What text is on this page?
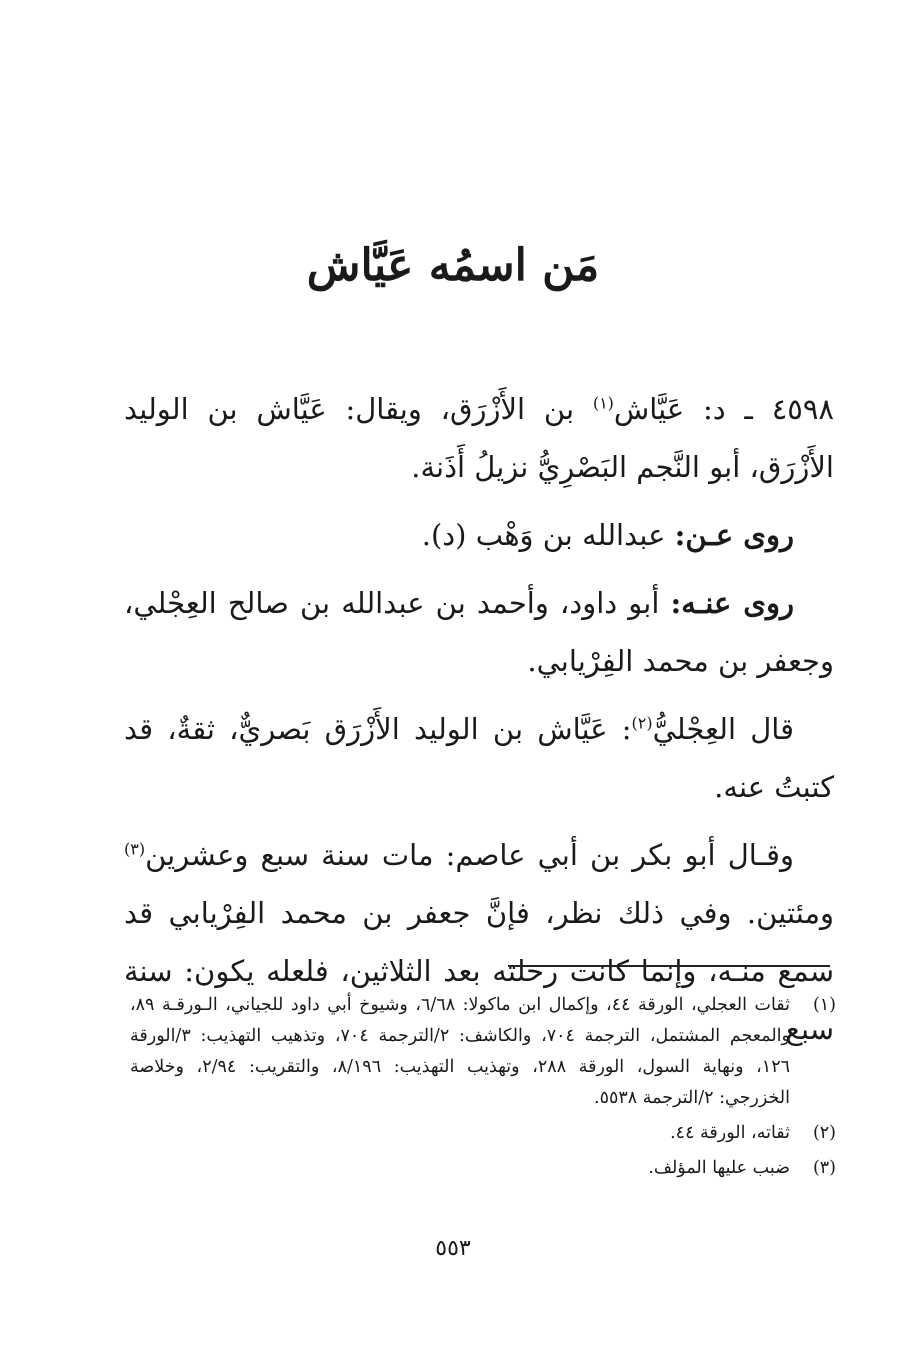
مَن اسمُه عَيَّاش

٤٥٩٨ ـ د: عَيَّاش$^{(١)}$ بن الأَزْرَق، ويقال: عَيَّاش بن الوليد الأَزْرَق، أبو النَّجم البَصْرِيُّ نزيلُ أَذَنة.

روى عـن: عبدالله بن وَهْب (د).

روى عنـه: أبو داود، وأحمد بن عبدالله بن صالح العِجْلي، وجعفر بن محمد الفِرْيابي.

قال العِجْليُّ$^{(٢)}$: عَيَّاش بن الوليد الأَزْرَق بَصريٌّ، ثقةٌ، قد كتبتُ عنه.

وقـال أبو بكر بن أبي عاصم: مات سنة سبع وعشرين$^{(٣)}$ ومئتين. وفي ذلك نظر، فإنَّ جعفر بن محمد الفِرْيابي قد سمع منـه، وإنما كانت رحلته بعد الثلاثين، فلعله يكون: سنة سبع

(١)
ثقات العجلي، الورقة ٤٤، وإكمال ابن ماكولا: ٦/٦٨، وشيوخ أبي داود للجياني، الـورقـة ٨٩، والمعجم المشتمل، الترجمة ٧٠٤، والكاشف: ٢/الترجمة ٧٠٤، وتذهيب التهذيب: ٣/الورقة ١٢٦، ونهاية السول، الورقة ٢٨٨، وتهذيب التهذيب: ٨/١٩٦، والتقريب: ٢/٩٤، وخلاصة الخزرجي: ٢/الترجمة ٥٥٣٨.
(٢)
ثقاته، الورقة ٤٤.
(٣)
ضبب عليها المؤلف.
٥٥٣
